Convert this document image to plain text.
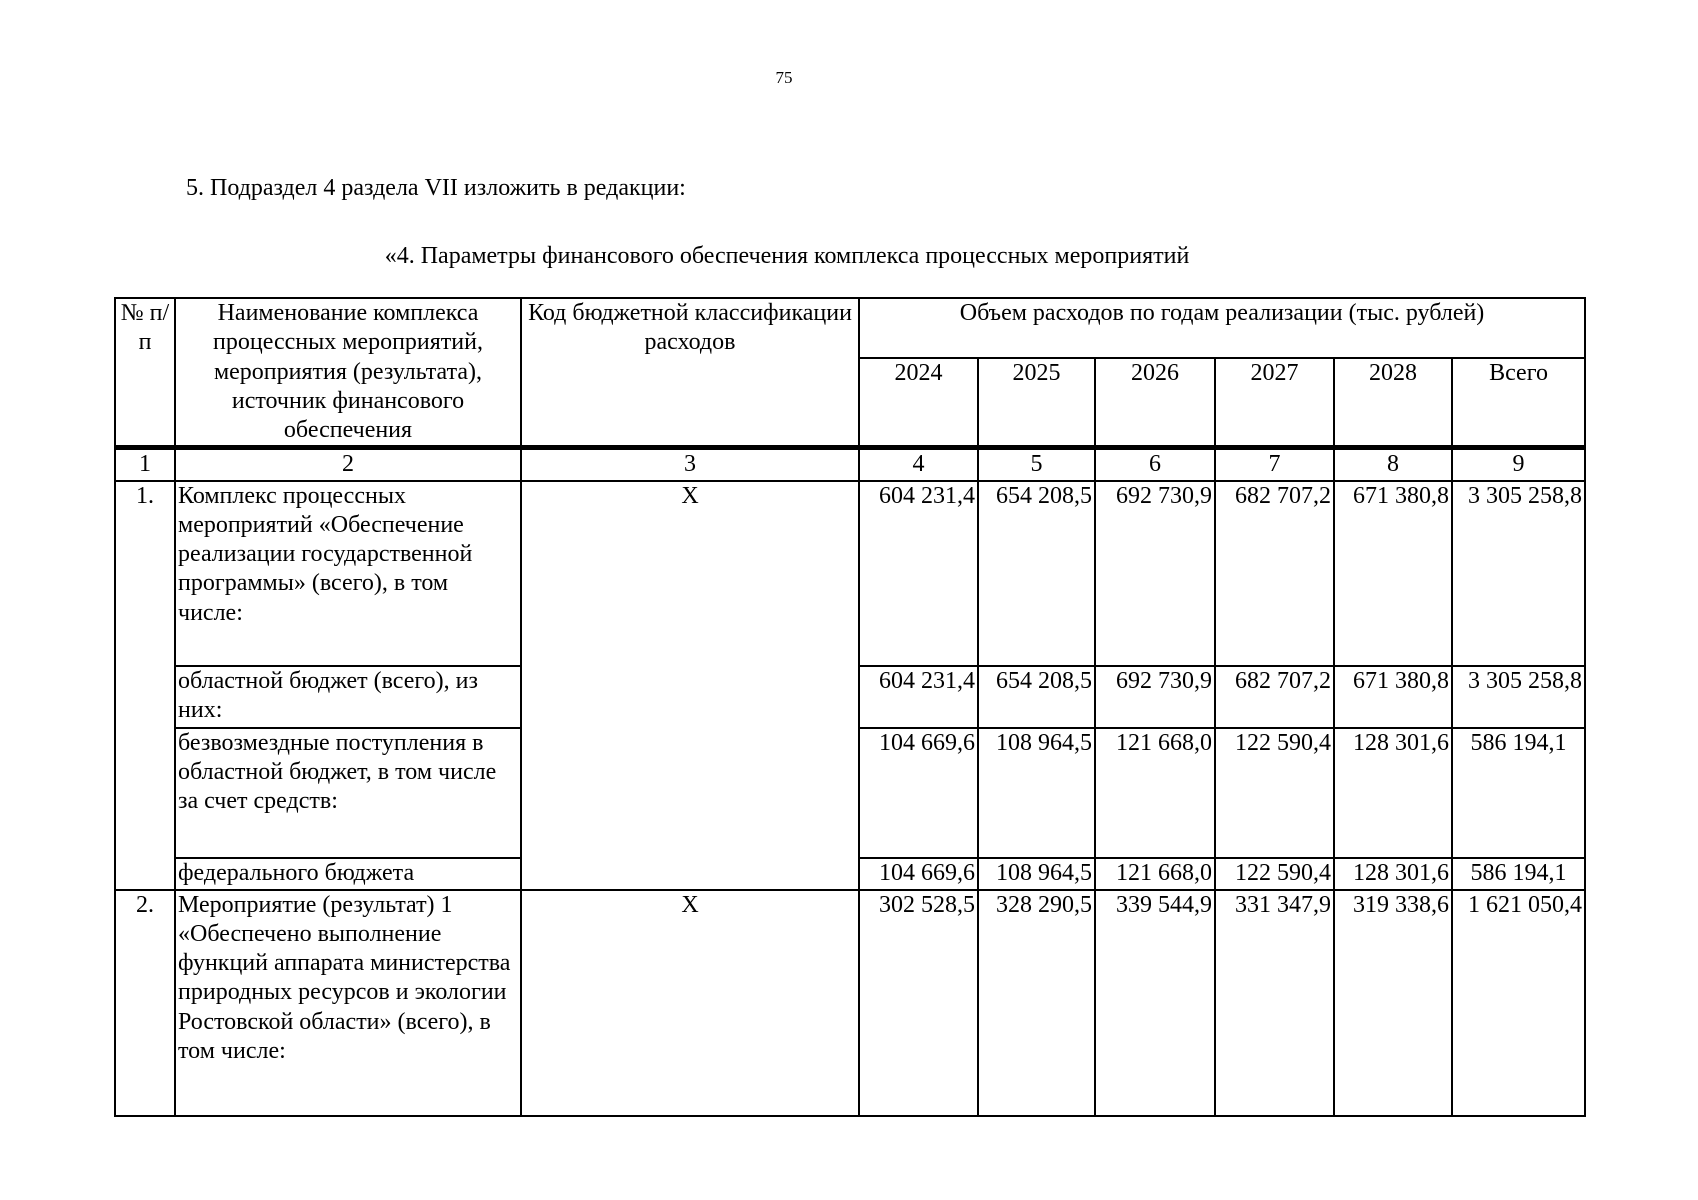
75
5. Подраздел 4 раздела VII изложить в редакции:
«4. Параметры финансового обеспечения комплекса процессных мероприятий
№ п/п	Наименование комплекса процессных мероприятий, мероприятия (результата), источник финансового обеспечения	Код бюджетной классификации расходов	Объем расходов по годам реализации (тыс. рублей)					
			2024	2025	2026	2027	2028	Всего
1	2	3	4	5	6	7	8	9
1.	Комплекс процессных мероприятий «Обеспечение реализации государственной программы» (всего), в том числе:	X	604 231,4	654 208,5	692 730,9	682 707,2	671 380,8	3 305 258,8
	областной бюджет (всего), из них:		604 231,4	654 208,5	692 730,9	682 707,2	671 380,8	3 305 258,8
	безвозмездные поступления в областной бюджет, в том числе за счет средств:		104 669,6	108 964,5	121 668,0	122 590,4	128 301,6	586 194,1
	федерального бюджета		104 669,6	108 964,5	121 668,0	122 590,4	128 301,6	586 194,1
2.	Мероприятие (результат) 1 «Обеспечено выполнение функций аппарата министерства природных ресурсов и экологии Ростовской области» (всего), в том числе:	X	302 528,5	328 290,5	339 544,9	331 347,9	319 338,6	1 621 050,4
